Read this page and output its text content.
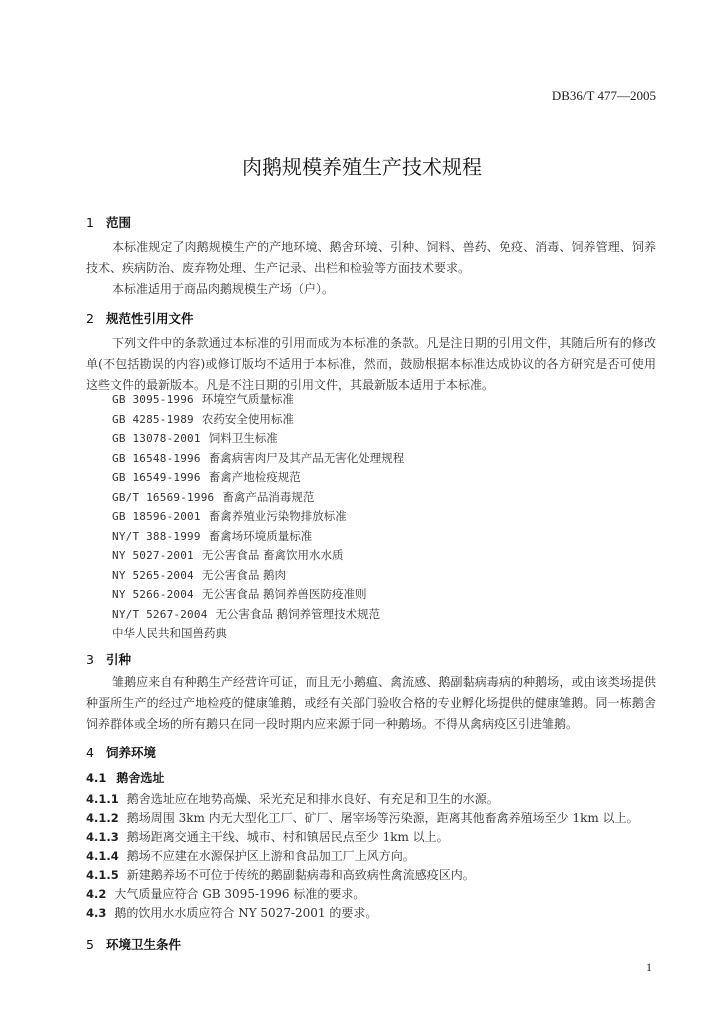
DB36/T 477—2005
肉鹅规模养殖生产技术规程
1 范围
本标准规定了肉鹅规模生产的产地环境、鹅舍环境、引种、饲料、兽药、免疫、消毒、饲养管理、饲养技术、疾病防治、废弃物处理、生产记录、出栏和检验等方面技术要求。
本标准适用于商品肉鹅规模生产场（户）。
2 规范性引用文件
下列文件中的条款通过本标准的引用而成为本标准的条款。凡是注日期的引用文件，其随后所有的修改单(不包括勘误的内容)或修订版均不适用于本标准，然而，鼓励根据本标准达成协议的各方研究是否可使用这些文件的最新版本。凡是不注日期的引用文件，其最新版本适用于本标准。
GB 3095-1996 环境空气质量标准
GB 4285-1989 农药安全使用标准
GB 13078-2001 饲料卫生标准
GB 16548-1996 畜禽病害肉尸及其产品无害化处理规程
GB 16549-1996 畜禽产地检疫规范
GB/T 16569-1996 畜禽产品消毒规范
GB 18596-2001 畜禽养殖业污染物排放标准
NY/T 388-1999 畜禽场环境质量标准
NY 5027-2001 无公害食品 畜禽饮用水水质
NY 5265-2004 无公害食品 鹅肉
NY 5266-2004 无公害食品 鹅饲养兽医防疫准则
NY/T 5267-2004 无公害食品 鹅饲养管理技术规范
中华人民共和国兽药典
3 引种
雏鹅应来自有种鹅生产经营许可证，而且无小鹅瘟、禽流感、鹅副黏病毒病的种鹅场，或由该类场提供种蛋所生产的经过产地检疫的健康雏鹅，或经有关部门验收合格的专业孵化场提供的健康雏鹅。同一栋鹅舍饲养群体或全场的所有鹅只在同一段时期内应来源于同一种鹅场。不得从禽病疫区引进雏鹅。
4 饲养环境
4.1 鹅舍选址
4.1.1 鹅舍选址应在地势高燥、采光充足和排水良好、有充足和卫生的水源。
4.1.2 鹅场周围 3km 内无大型化工厂、矿厂、屠宰场等污染源，距离其他畜禽养殖场至少 1km 以上。
4.1.3 鹅场距离交通主干线、城市、村和镇居民点至少 1km 以上。
4.1.4 鹅场不应建在水源保护区上游和食品加工厂上风方向。
4.1.5 新建鹅养场不可位于传统的鹅副黏病毒和高致病性禽流感疫区内。
4.2 大气质量应符合 GB 3095-1996 标准的要求。
4.3 鹅的饮用水水质应符合 NY 5027-2001 的要求。
5 环境卫生条件
1
